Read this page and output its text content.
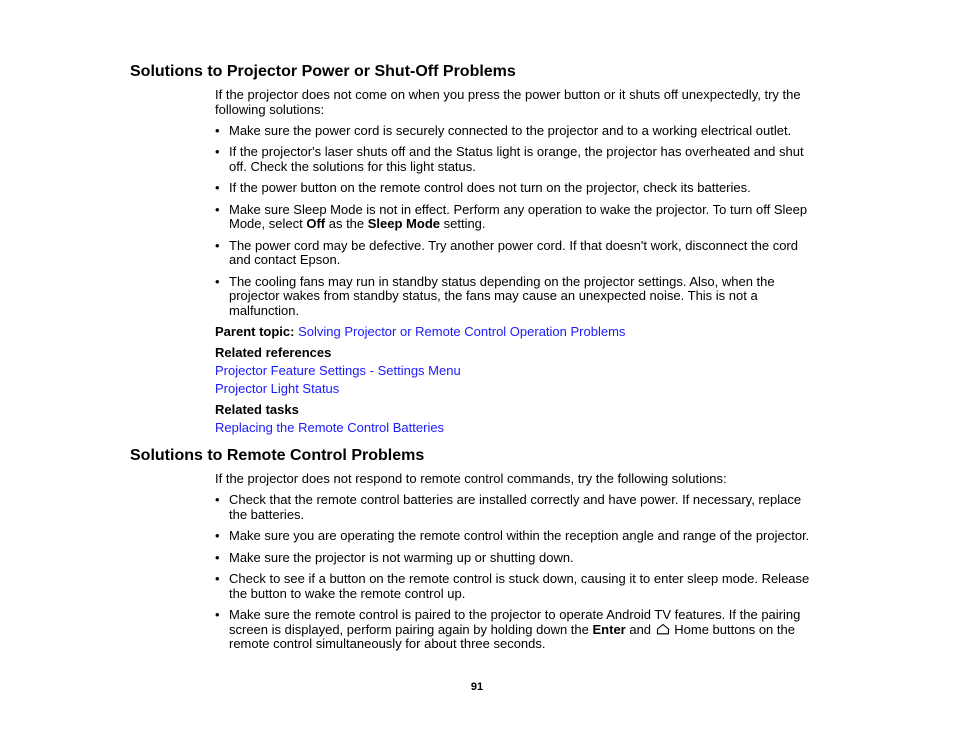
Solutions to Projector Power or Shut-Off Problems

If the projector does not come on when you press the power button or it shuts off unexpectedly, try the
following solutions:

• Make sure the power cord is securely connected to the projector and to a working electrical outlet.
• If the projector's laser shuts off and the Status light is orange, the projector has overheated and shut
off. Check the solutions for this light status.
• If the power button on the remote control does not turn on the projector, check its batteries.
• Make sure Sleep Mode is not in effect. Perform any operation to wake the projector. To turn off Sleep
Mode, select Off as the Sleep Mode setting.
• The power cord may be defective. Try another power cord. If that doesn't work, disconnect the cord
and contact Epson.
• The cooling fans may run in standby status depending on the projector settings. Also, when the
projector wakes from standby status, the fans may cause an unexpected noise. This is not a
malfunction.
Parent topic: Solving Projector or Remote Control Operation Problems
Related references
Projector Feature Settings - Settings Menu
Projector Light Status
Related tasks
Replacing the Remote Control Batteries
Solutions to Remote Control Problems

If the projector does not respond to remote control commands, try the following solutions:

• Check that the remote control batteries are installed correctly and have power. If necessary, replace
the batteries.
• Make sure you are operating the remote control within the reception angle and range of the projector.
• Make sure the projector is not warming up or shutting down.
• Check to see if a button on the remote control is stuck down, causing it to enter sleep mode. Release
the button to wake the remote control up.
• Make sure the remote control is paired to the projector to operate Android TV features. If the pairing
screen is displayed, perform pairing again by holding down the Enter and  Home buttons on the
remote control simultaneously for about three seconds.
91
